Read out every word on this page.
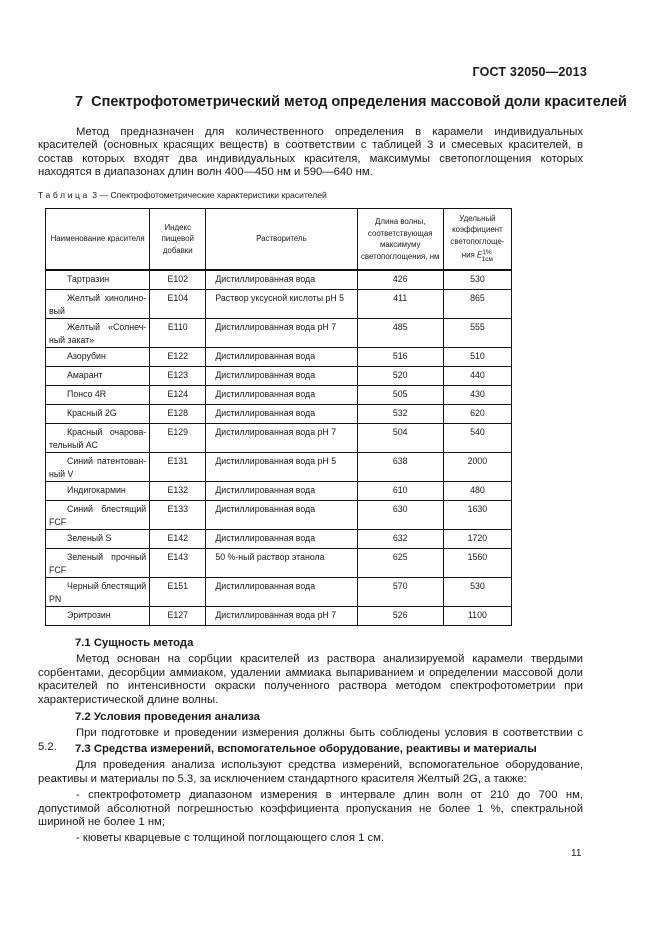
ГОСТ 32050—2013
7 Спектрофотометрический метод определения массовой доли красителей
Метод предназначен для количественного определения в карамели индивидуальных красителей (основных красящих веществ) в соответствии с таблицей 3 и смесевых красителей, в состав которых входят два индивидуальных красителя, максимумы светопоглощения которых находятся в диапазонах длин волн 400—450 нм и 590—640 нм.
Таблица 3 — Спектрофотометрические характеристики красителей
Наименование красителя	Индекс пищевой добавки	Растворитель	Длина волны, соответствующая максимуму светопоглощения, нм	Удельный коэффициент светопоглоще-ния $E^{1\%}_{1см}$
Тартразин	E102	Дистиллированная вода	426	530
Желтый хинолино-вый	E104	Раствор уксусной кислоты pH 5	411	865
Желтый «Солнеч-ный закат»	E110	Дистиллированная вода pH 7	485	555
Азорубин	E122	Дистиллированная вода	516	510
Амарант	E123	Дистиллированная вода	520	440
Понсо 4R	E124	Дистиллированная вода	505	430
Красный 2G	E128	Дистиллированная вода	532	620
Красный очарова-тельный АС	E129	Дистиллированная вода pH 7	504	540
Синий патентован-ный V	E131	Дистиллированная вода pH 5	638	2000
Индигокармин	E132	Дистиллированная вода	610	480
Синий блестящий FCF	E133	Дистиллированная вода	630	1630
Зеленый S	E142	Дистиллированная вода	632	1720
Зеленый прочный FCF	E143	50 %-ный раствор этанола	625	1560
Черный блестящий PN	E151	Дистиллированная вода	570	530
Эритрозин	E127	Дистиллированная вода pH 7	526	1100
7.1 Сущность метода
Метод основан на сорбции красителей из раствора анализируемой карамели твердыми сорбентами, десорбции аммиаком, удалении аммиака выпариванием и определении массовой доли красителей по интенсивности окраски полученного раствора методом спектрофотометрии при характеристической длине волны.
7.2 Условия проведения анализа
При подготовке и проведении измерения должны быть соблюдены условия в соответствии с 5.2.	7.3 Средства измерений, вспомогательное оборудование, реактивы и материалы
Для проведения анализа используют средства измерений, вспомогательное оборудование, реактивы и материалы по 5.3, за исключением стандартного красителя Желтый 2G, а также:
- спектрофотометр диапазоном измерения в интервале длин волн от 210 до 700 нм, допустимой абсолютной погрешностью коэффициента пропускания не более 1 %, спектральной шириной не более 1 нм;
- кюветы кварцевые с толщиной поглощающего слоя 1 см.
11
